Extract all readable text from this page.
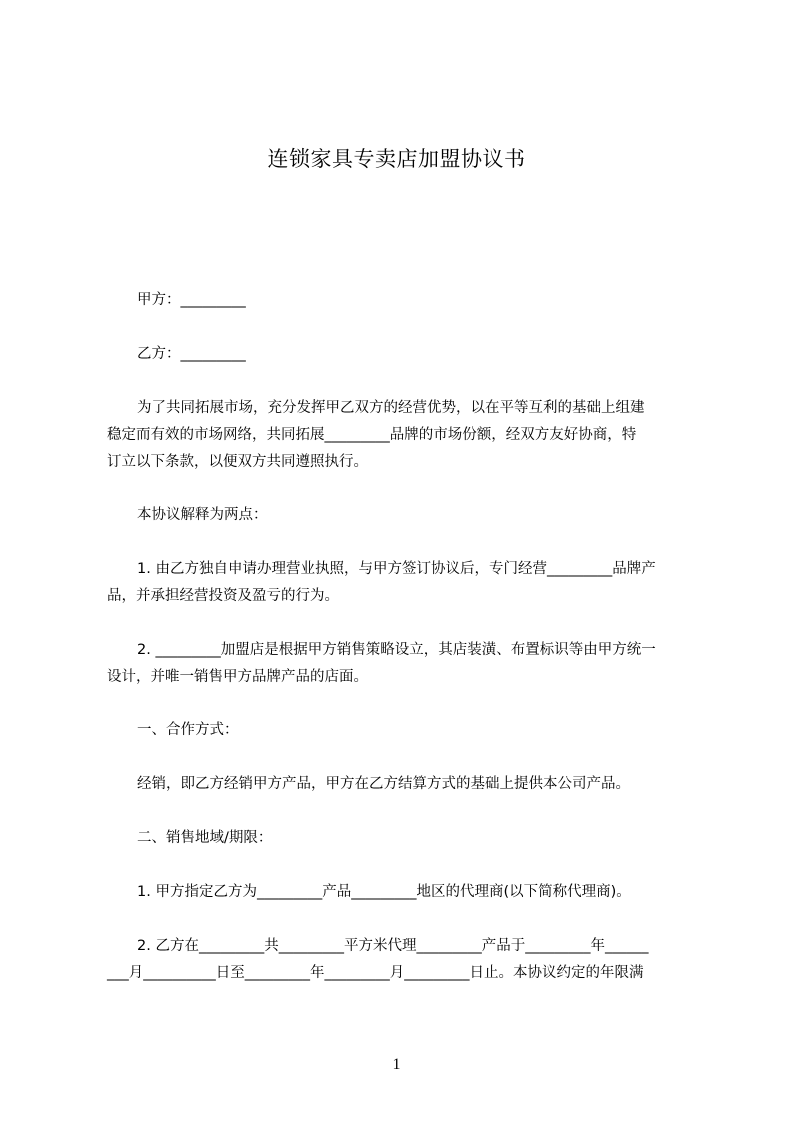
连锁家具专卖店加盟协议书

甲方：_________

乙方：_________

为了共同拓展市场，充分发挥甲乙双方的经营优势，以在平等互利的基础上组建

稳定而有效的市场网络，共同拓展_________品牌的市场份额，经双方友好协商，特

订立以下条款，以便双方共同遵照执行。

本协议解释为两点：

1. 由乙方独自申请办理营业执照，与甲方签订协议后，专门经营_________品牌产

品，并承担经营投资及盈亏的行为。

2. _________加盟店是根据甲方销售策略设立，其店装潢、布置标识等由甲方统一

设计，并唯一销售甲方品牌产品的店面。

一、合作方式：

经销，即乙方经销甲方产品，甲方在乙方结算方式的基础上提供本公司产品。

二、销售地域/期限：

1. 甲方指定乙方为_________产品_________地区的代理商(以下简称代理商)。

2. 乙方在_________共_________平方米代理_________产品于_________年______

___月__________日至_________年_________月_________日止。本协议约定的年限满

1
